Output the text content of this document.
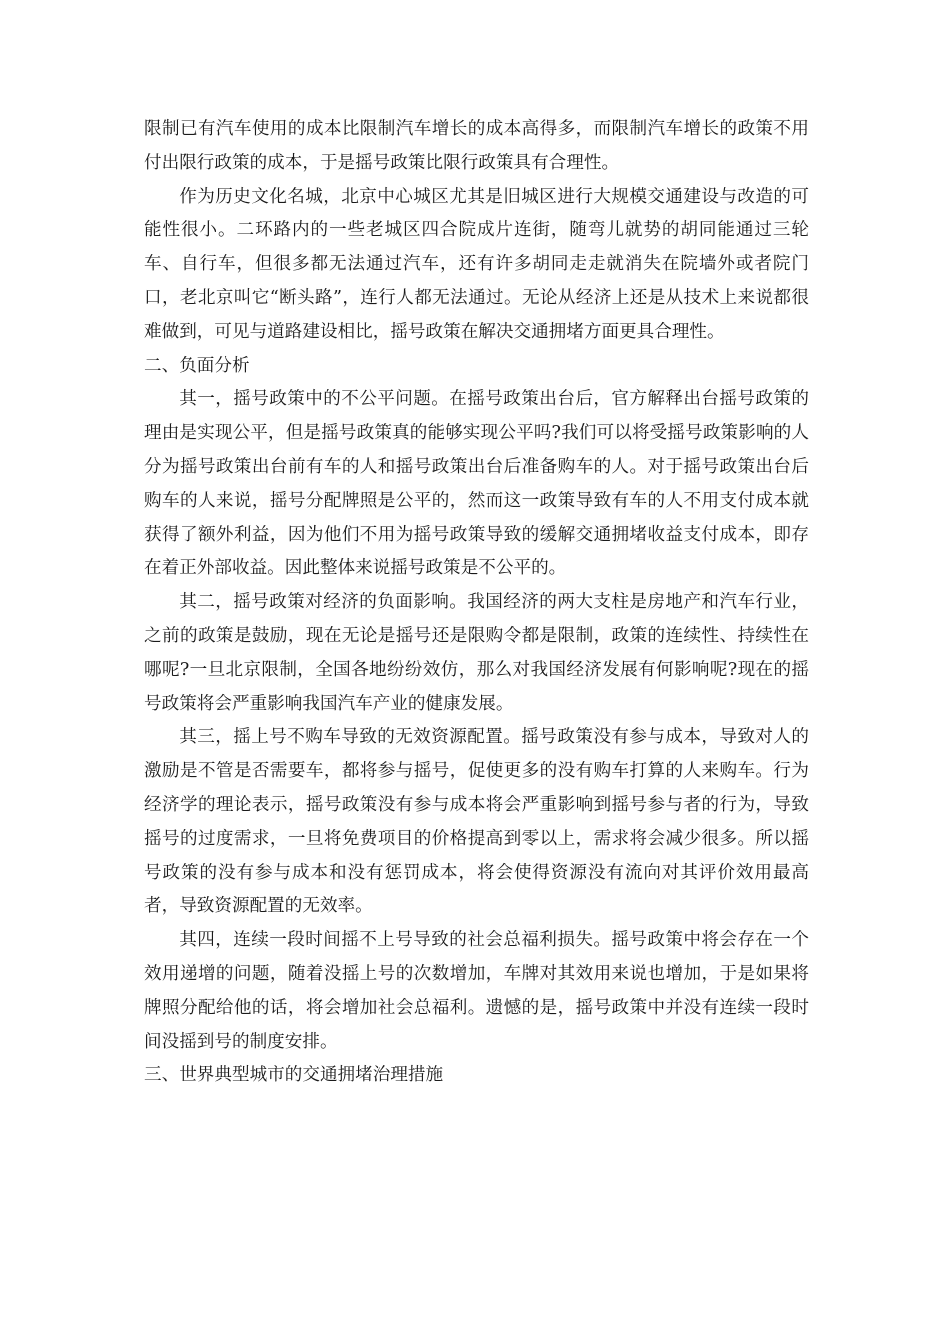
限制已有汽车使用的成本比限制汽车增长的成本高得多，而限制汽车增长的政策不用付出限行政策的成本，于是摇号政策比限行政策具有合理性。

作为历史文化名城，北京中心城区尤其是旧城区进行大规模交通建设与改造的可能性很小。二环路内的一些老城区四合院成片连街，随弯儿就势的胡同能通过三轮车、自行车，但很多都无法通过汽车，还有许多胡同走走就消失在院墙外或者院门口，老北京叫它“断头路”，连行人都无法通过。无论从经济上还是从技术上来说都很难做到，可见与道路建设相比，摇号政策在解决交通拥堵方面更具合理性。

二、负面分析

其一，摇号政策中的不公平问题。在摇号政策出台后，官方解释出台摇号政策的理由是实现公平，但是摇号政策真的能够实现公平吗?我们可以将受摇号政策影响的人分为摇号政策出台前有车的人和摇号政策出台后准备购车的人。对于摇号政策出台后购车的人来说，摇号分配牌照是公平的，然而这一政策导致有车的人不用支付成本就获得了额外利益，因为他们不用为摇号政策导致的缓解交通拥堵收益支付成本，即存在着正外部收益。因此整体来说摇号政策是不公平的。

其二，摇号政策对经济的负面影响。我国经济的两大支柱是房地产和汽车行业，之前的政策是鼓励，现在无论是摇号还是限购令都是限制，政策的连续性、持续性在哪呢?一旦北京限制，全国各地纷纷效仿，那么对我国经济发展有何影响呢?现在的摇号政策将会严重影响我国汽车产业的健康发展。

其三，摇上号不购车导致的无效资源配置。摇号政策没有参与成本，导致对人的激励是不管是否需要车，都将参与摇号，促使更多的没有购车打算的人来购车。行为经济学的理论表示，摇号政策没有参与成本将会严重影响到摇号参与者的行为，导致摇号的过度需求，一旦将免费项目的价格提高到零以上，需求将会减少很多。所以摇号政策的没有参与成本和没有惩罚成本，将会使得资源没有流向对其评价效用最高者，导致资源配置的无效率。

其四，连续一段时间摇不上号导致的社会总福利损失。摇号政策中将会存在一个效用递增的问题，随着没摇上号的次数增加，车牌对其效用来说也增加，于是如果将牌照分配给他的话，将会增加社会总福利。遗憾的是，摇号政策中并没有连续一段时间没摇到号的制度安排。

三、世界典型城市的交通拥堵治理措施
